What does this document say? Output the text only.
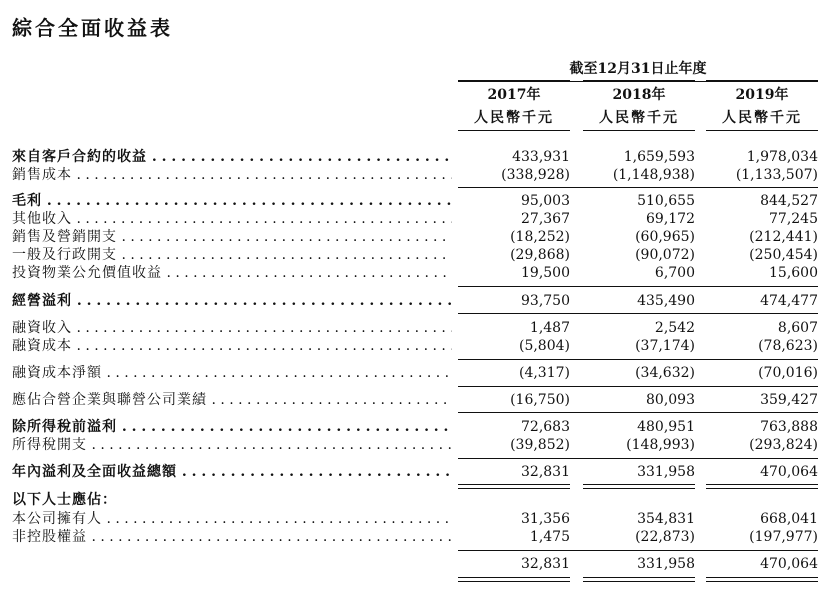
綜合全面收益表
截至12月31日止年度
2017年	2018年	2019年
人民幣千元	人民幣千元	人民幣千元
來自客戶合約的收益 . . .	433,931	1,659,593	1,978,034
銷售成本 . . .	(338,928)	(1,148,938)	(1,133,507)
毛利 . . .	95,003	510,655	844,527
其他收入 . . .	27,367	69,172	77,245
銷售及營銷開支 . . .	(18,252)	(60,965)	(212,441)
一般及行政開支 . . .	(29,868)	(90,072)	(250,454)
投資物業公允價值收益 . . .	19,500	6,700	15,600
經營溢利 . . .	93,750	435,490	474,477
融資收入 . . .	1,487	2,542	8,607
融資成本 . . .	(5,804)	(37,174)	(78,623)
融資成本淨額 . . .	(4,317)	(34,632)	(70,016)
應佔合營企業與聯營公司業績 . . .	(16,750)	80,093	359,427
除所得稅前溢利 . . .	72,683	480,951	763,888
所得稅開支 . . .	(39,852)	(148,993)	(293,824)
年內溢利及全面收益總額 . . .	32,831	331,958	470,064
以下人士應佔：
本公司擁有人 . . .	31,356	354,831	668,041
非控股權益 . . .	1,475	(22,873)	(197,977)
32,831	331,958	470,064
